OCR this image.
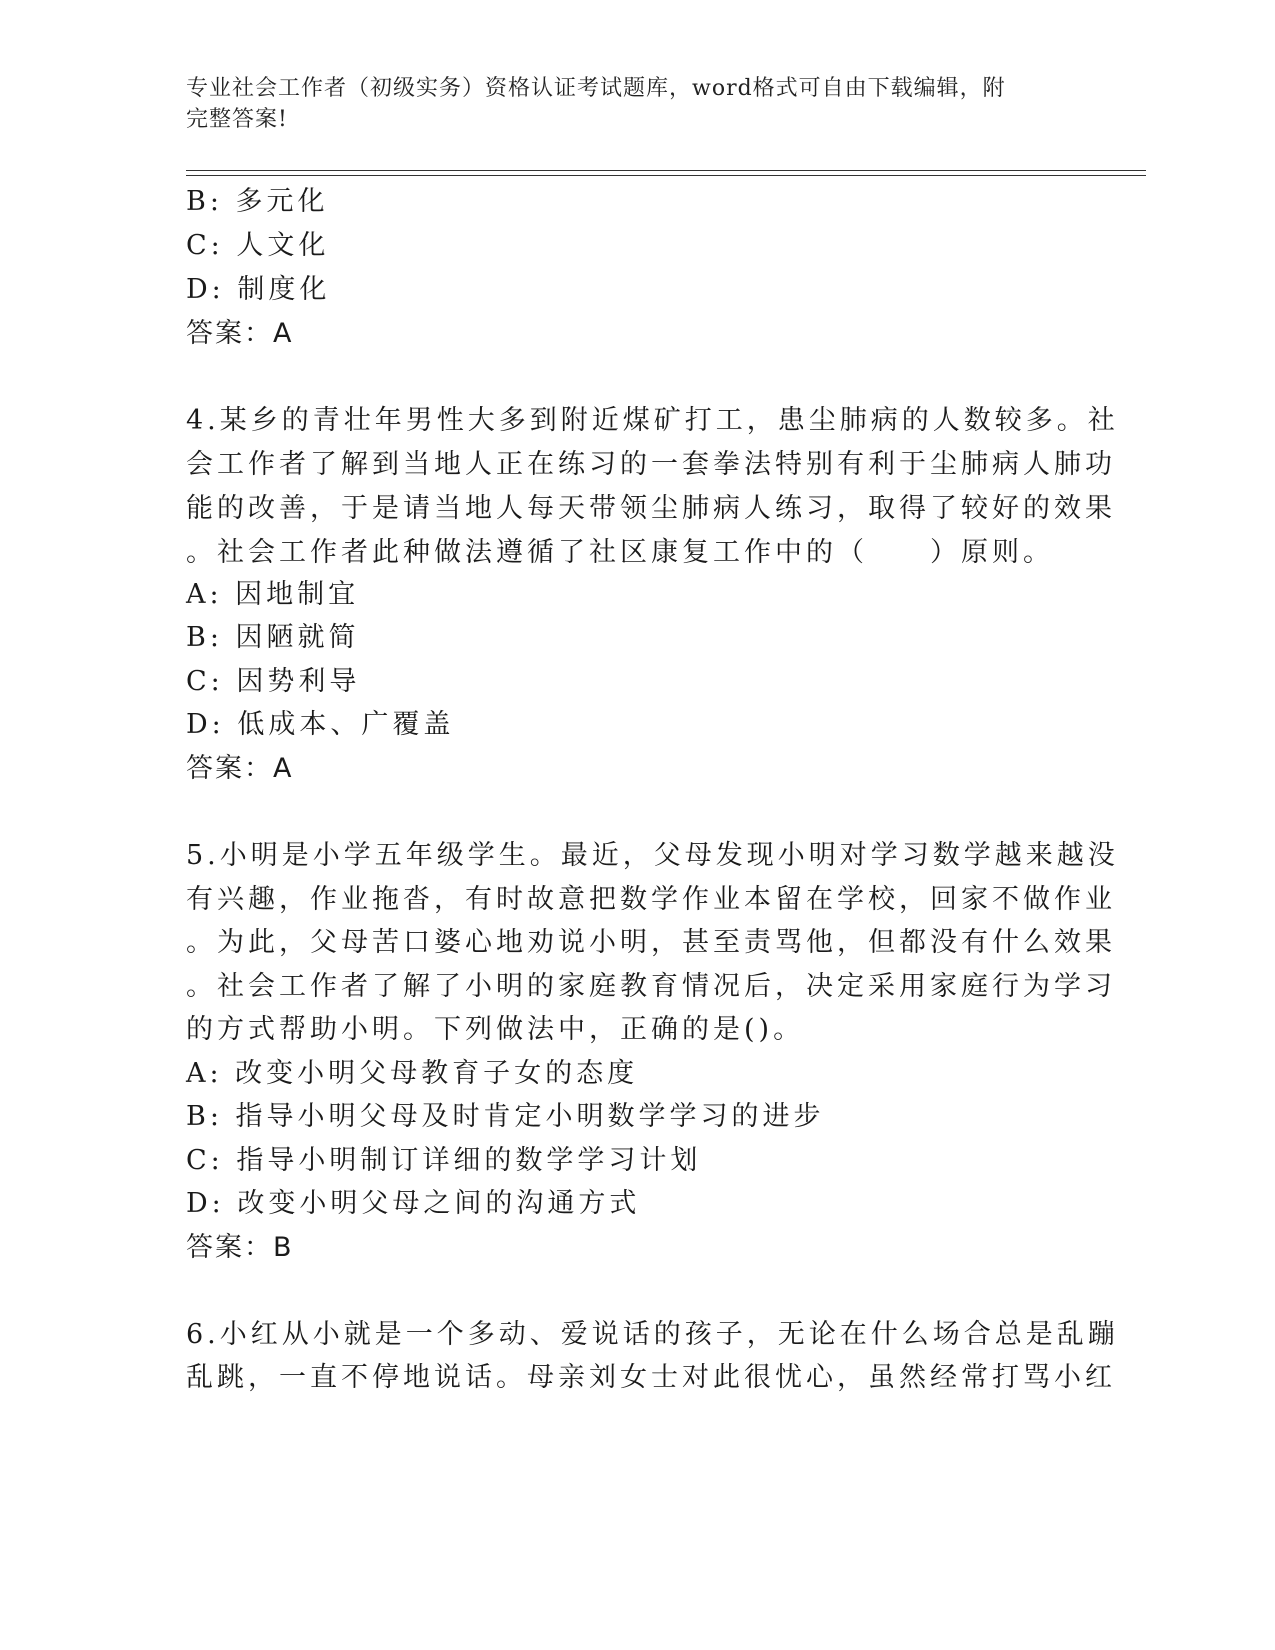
专业社会工作者（初级实务）资格认证考试题库，word格式可自由下载编辑，附
完整答案!
B: 多元化
C: 人文化
D: 制度化
答案：A
4.某乡的青壮年男性大多到附近煤矿打工，患尘肺病的人数较多。社
会工作者了解到当地人正在练习的一套拳法特别有利于尘肺病人肺功
能的改善，于是请当地人每天带领尘肺病人练习，取得了较好的效果
。社会工作者此种做法遵循了社区康复工作中的（　　）原则。
A: 因地制宜
B: 因陋就简
C: 因势利导
D: 低成本、广覆盖
答案：A
5.小明是小学五年级学生。最近，父母发现小明对学习数学越来越没
有兴趣，作业拖沓，有时故意把数学作业本留在学校，回家不做作业
。为此，父母苦口婆心地劝说小明，甚至责骂他，但都没有什么效果
。社会工作者了解了小明的家庭教育情况后，决定采用家庭行为学习
的方式帮助小明。下列做法中，正确的是()。
A: 改变小明父母教育子女的态度
B: 指导小明父母及时肯定小明数学学习的进步
C: 指导小明制订详细的数学学习计划
D: 改变小明父母之间的沟通方式
答案：B
6.小红从小就是一个多动、爱说话的孩子，无论在什么场合总是乱蹦
乱跳，一直不停地说话。母亲刘女士对此很忧心，虽然经常打骂小红
